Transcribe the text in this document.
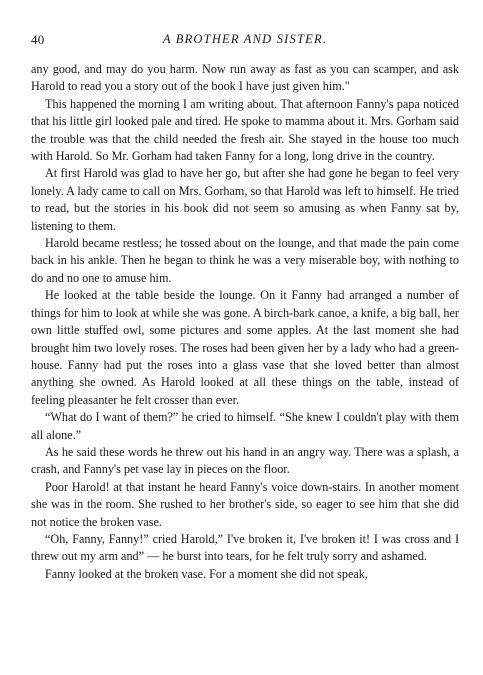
40	A BROTHER AND SISTER.

any good, and may do you harm. Now run away as fast as you can scamper, and ask Harold to read you a story out of the book I have just given him."

This happened the morning I am writing about. That afternoon Fanny's papa noticed that his little girl looked pale and tired. He spoke to mamma about it. Mrs. Gorham said the trouble was that the child needed the fresh air. She stayed in the house too much with Harold. So Mr. Gorham had taken Fanny for a long, long drive in the country.

At first Harold was glad to have her go, but after she had gone he began to feel very lonely. A lady came to call on Mrs. Gorham, so that Harold was left to himself. He tried to read, but the stories in his book did not seem so amusing as when Fanny sat by, listening to them.

Harold became restless; he tossed about on the lounge, and that made the pain come back in his ankle. Then he began to think he was a very miserable boy, with nothing to do and no one to amuse him.

He looked at the table beside the lounge. On it Fanny had arranged a number of things for him to look at while she was gone. A birch-bark canoe, a knife, a big ball, her own little stuffed owl, some pictures and some apples. At the last moment she had brought him two lovely roses. The roses had been given her by a lady who had a green-house. Fanny had put the roses into a glass vase that she loved better than almost anything she owned. As Harold looked at all these things on the table, instead of feeling pleasanter he felt crosser than ever.

“What do I want of them?” he cried to himself. “She knew I couldn't play with them all alone.”

As he said these words he threw out his hand in an angry way. There was a splash, a crash, and Fanny's pet vase lay in pieces on the floor.

Poor Harold! at that instant he heard Fanny's voice down-stairs. In another moment she was in the room. She rushed to her brother's side, so eager to see him that she did not notice the broken vase.

“Oh, Fanny, Fanny!” cried Harold,” I've broken it, I've broken it! I was cross and I threw out my arm and” — he burst into tears, for he felt truly sorry and ashamed.

Fanny looked at the broken vase. For a moment she did not speak,
